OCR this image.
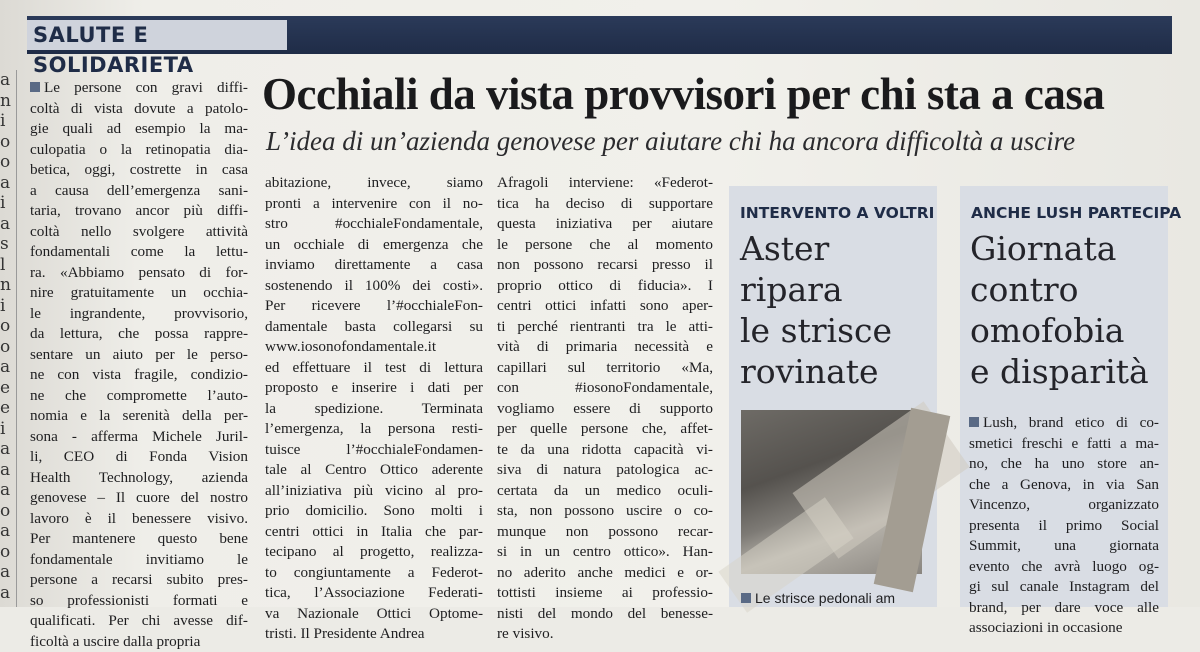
SALUTE E SOLIDARIETA
a
n
i
o
o
a
i
a
s
l
n
i
o
o
a
e
e
i
a
a
a
o
a
o
a
a
Occhiali da vista provvisori per chi sta a casa
L’idea di un’azienda genovese per aiutare chi ha ancora difficoltà a uscire
Le persone con gravi diffi-
coltà di vista dovute a patolo-
gie quali ad esempio la ma-
culopatia o la retinopatia dia-
betica, oggi, costrette in casa
a causa dell’emergenza sani-
taria, trovano ancor più diffi-
coltà nello svolgere attività
fondamentali come la lettu-
ra. «Abbiamo pensato di for-
nire gratuitamente un occhia-
le ingrandente, provvisorio,
da lettura, che possa rappre-
sentare un aiuto per le perso-
ne con vista fragile, condizio-
ne che compromette l’auto-
nomia e la serenità della per-
sona - afferma Michele Juril-
li, CEO di Fonda Vision
Health Technology, azienda
genovese – Il cuore del nostro
lavoro è il benessere visivo.
Per mantenere questo bene
fondamentale invitiamo le
persone a recarsi subito pres-
so professionisti formati e
qualificati. Per chi avesse dif-
ficoltà a uscire dalla propria
abitazione, invece, siamo
pronti a intervenire con il no-
stro #occhialeFondamentale,
un occhiale di emergenza che
inviamo direttamente a casa
sostenendo il 100% dei costi».
Per ricevere l’#occhialeFon-
damentale basta collegarsi su
www.iosonofondamentale.it
ed effettuare il test di lettura
proposto e inserire i dati per
la spedizione. Terminata
l’emergenza, la persona resti-
tuisce l’#occhialeFondamen-
tale al Centro Ottico aderente
all’iniziativa più vicino al pro-
prio domicilio. Sono molti i
centri ottici in Italia che par-
tecipano al progetto, realizza-
to congiuntamente a Federot-
tica, l’Associazione Federati-
va Nazionale Ottici Optome-
tristi. Il Presidente Andrea
Afragoli interviene: «Federot-
tica ha deciso di supportare
questa iniziativa per aiutare
le persone che al momento
non possono recarsi presso il
proprio ottico di fiducia». I
centri ottici infatti sono aper-
ti perché rientranti tra le atti-
vità di primaria necessità e
capillari sul territorio «Ma,
con #iosonoFondamentale,
vogliamo essere di supporto
per quelle persone che, affet-
te da una ridotta capacità vi-
siva di natura patologica ac-
certata da un medico oculi-
sta, non possono uscire o co-
munque non possono recar-
si in un centro ottico». Han-
no aderito anche medici e or-
tottisti insieme ai professio-
nisti del mondo del benesse-
re visivo.
INTERVENTO A VOLTRI
Aster
ripara
le strisce
rovinate
Le strisce pedonali am
ANCHE LUSH PARTECIPA
Giornata
contro
omofobia
e disparità
Lush, brand etico di co-
smetici freschi e fatti a ma-
no, che ha uno store an-
che a Genova, in via San
Vincenzo, organizzato
presenta il primo Social
Summit, una giornata
evento che avrà luogo og-
gi sul canale Instagram del
brand, per dare voce alle
associazioni in occasione
